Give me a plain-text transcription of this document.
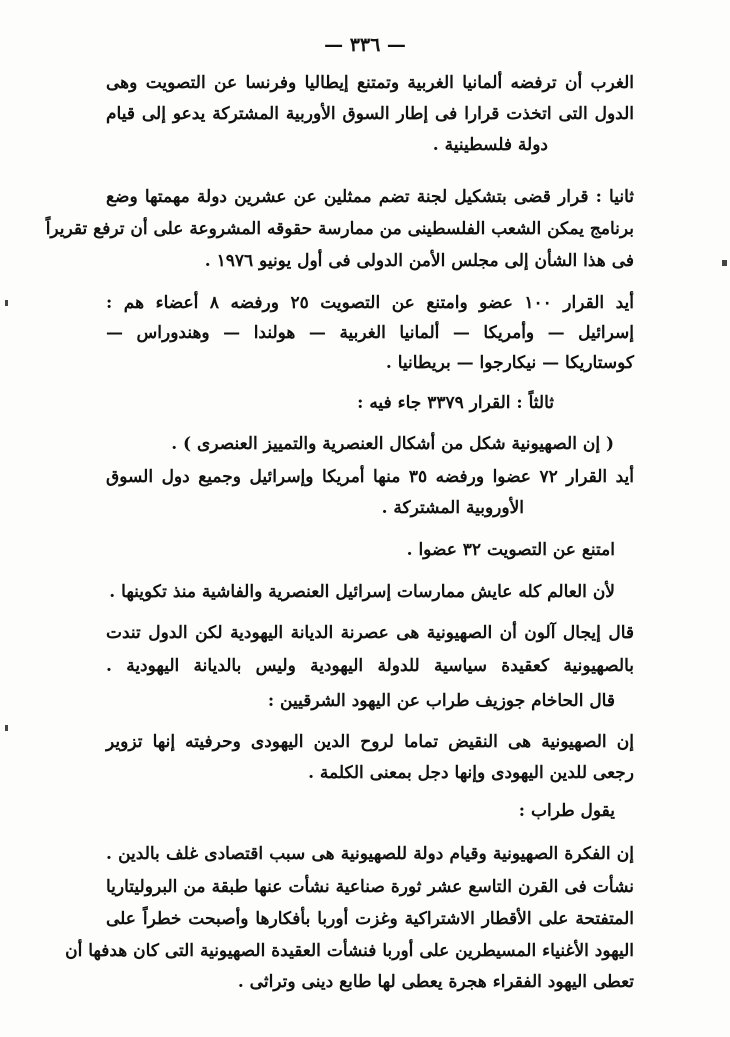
— ٣٣٦ —
الغرب أن ترفضه ألمانيا الغربية وتمتنع إيطاليا وفرنسا عن التصويت وهى
الدول التى اتخذت قرارا فى إطار السوق الأوربية المشتركة يدعو إلى قيام
دولة فلسطينية .
ثانيا : قرار قضى بتشكيل لجنة تضم ممثلين عن عشرين دولة مهمتها وضع
برنامج يمكن الشعب الفلسطينى من ممارسة حقوقه المشروعة على أن ترفع تقريراً
فى هذا الشأن إلى مجلس الأمن الدولى فى أول يونيو ١٩٧٦ .
أيد القرار ١٠٠ عضو وامتنع عن التصويت ٢٥ ورفضه ٨ أعضاء هم :
إسرائيل — وأمريكا — ألمانيا الغربية — هولندا — وهندوراس —
كوستاريكا — نيكارجوا — بريطانيا .
ثالثاً : القرار ٣٣٧٩ جاء فيه :
( إن الصهيونية شكل من أشكال العنصرية والتمييز العنصرى ) .
أيد القرار ٧٢ عضوا ورفضه ٣٥ منها أمريكا وإسرائيل وجميع دول السوق
الأوروبية المشتركة .
امتنع عن التصويت ٣٢ عضوا .
لأن العالم كله عايش ممارسات إسرائيل العنصرية والفاشية منذ تكوينها .
قال إيجال آلون أن الصهيونية هى عصرنة الديانة اليهودية لكن الدول تندت
بالصهيونية كعقيدة سياسية للدولة اليهودية وليس بالديانة اليهودية .
قال الحاخام جوزيف طراب عن اليهود الشرقيين :
إن الصهيونية هى النقيض تماما لروح الدين اليهودى وحرفيته إنها تزوير
رجعى للدين اليهودى وإنها دجل بمعنى الكلمة .
يقول طراب :
إن الفكرة الصهيونية وقيام دولة للصهيونية هى سبب اقتصادى غلف بالدين .
نشأت فى القرن التاسع عشر ثورة صناعية نشأت عنها طبقة من البروليتاريا
المتفتحة على الأقطار الاشتراكية وغزت أوربا بأفكارها وأصبحت خطراً على
اليهود الأغنياء المسيطرين على أوربا فنشأت العقيدة الصهيونية التى كان هدفها أن
تعطى اليهود الفقراء هجرة يعطى لها طابع دينى وتراثى .
